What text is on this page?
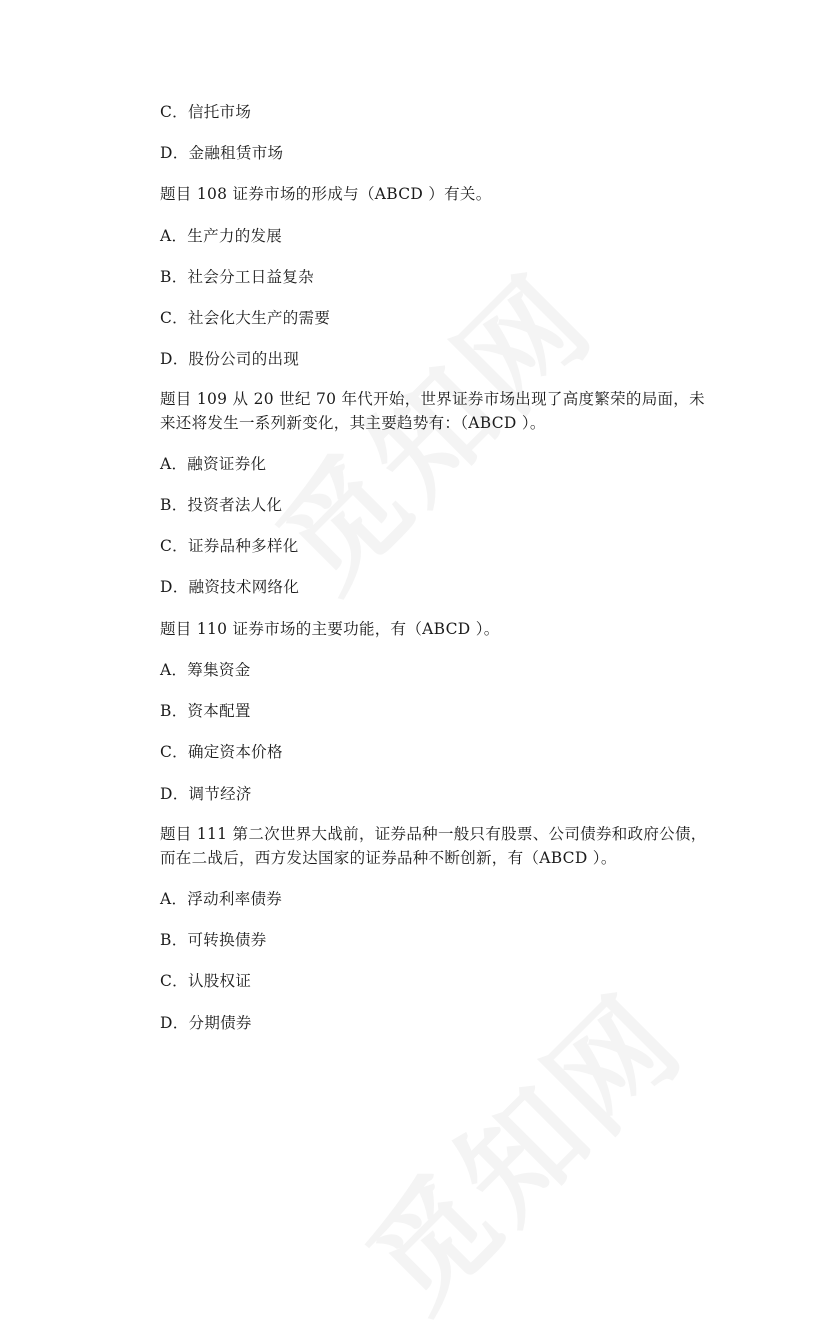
C．信托市场
D．金融租赁市场
题目 108 证券市场的形成与（ABCD ）有关。
A．生产力的发展
B．社会分工日益复杂
C．社会化大生产的需要
D．股份公司的出现
题目 109 从 20 世纪 70 年代开始，世界证券市场出现了高度繁荣的局面，未
来还将发生一系列新变化，其主要趋势有：（ABCD ）。
A．融资证券化
B．投资者法人化
C．证券品种多样化
D．融资技术网络化
题目 110 证券市场的主要功能，有（ABCD ）。
A．筹集资金
B．资本配置
C．确定资本价格
D．调节经济
题目 111 第二次世界大战前，证券品种一般只有股票、公司债券和政府公债，
而在二战后，西方发达国家的证券品种不断创新，有（ABCD ）。
A．浮动利率债券
B．可转换债券
C．认股权证
D．分期债券
